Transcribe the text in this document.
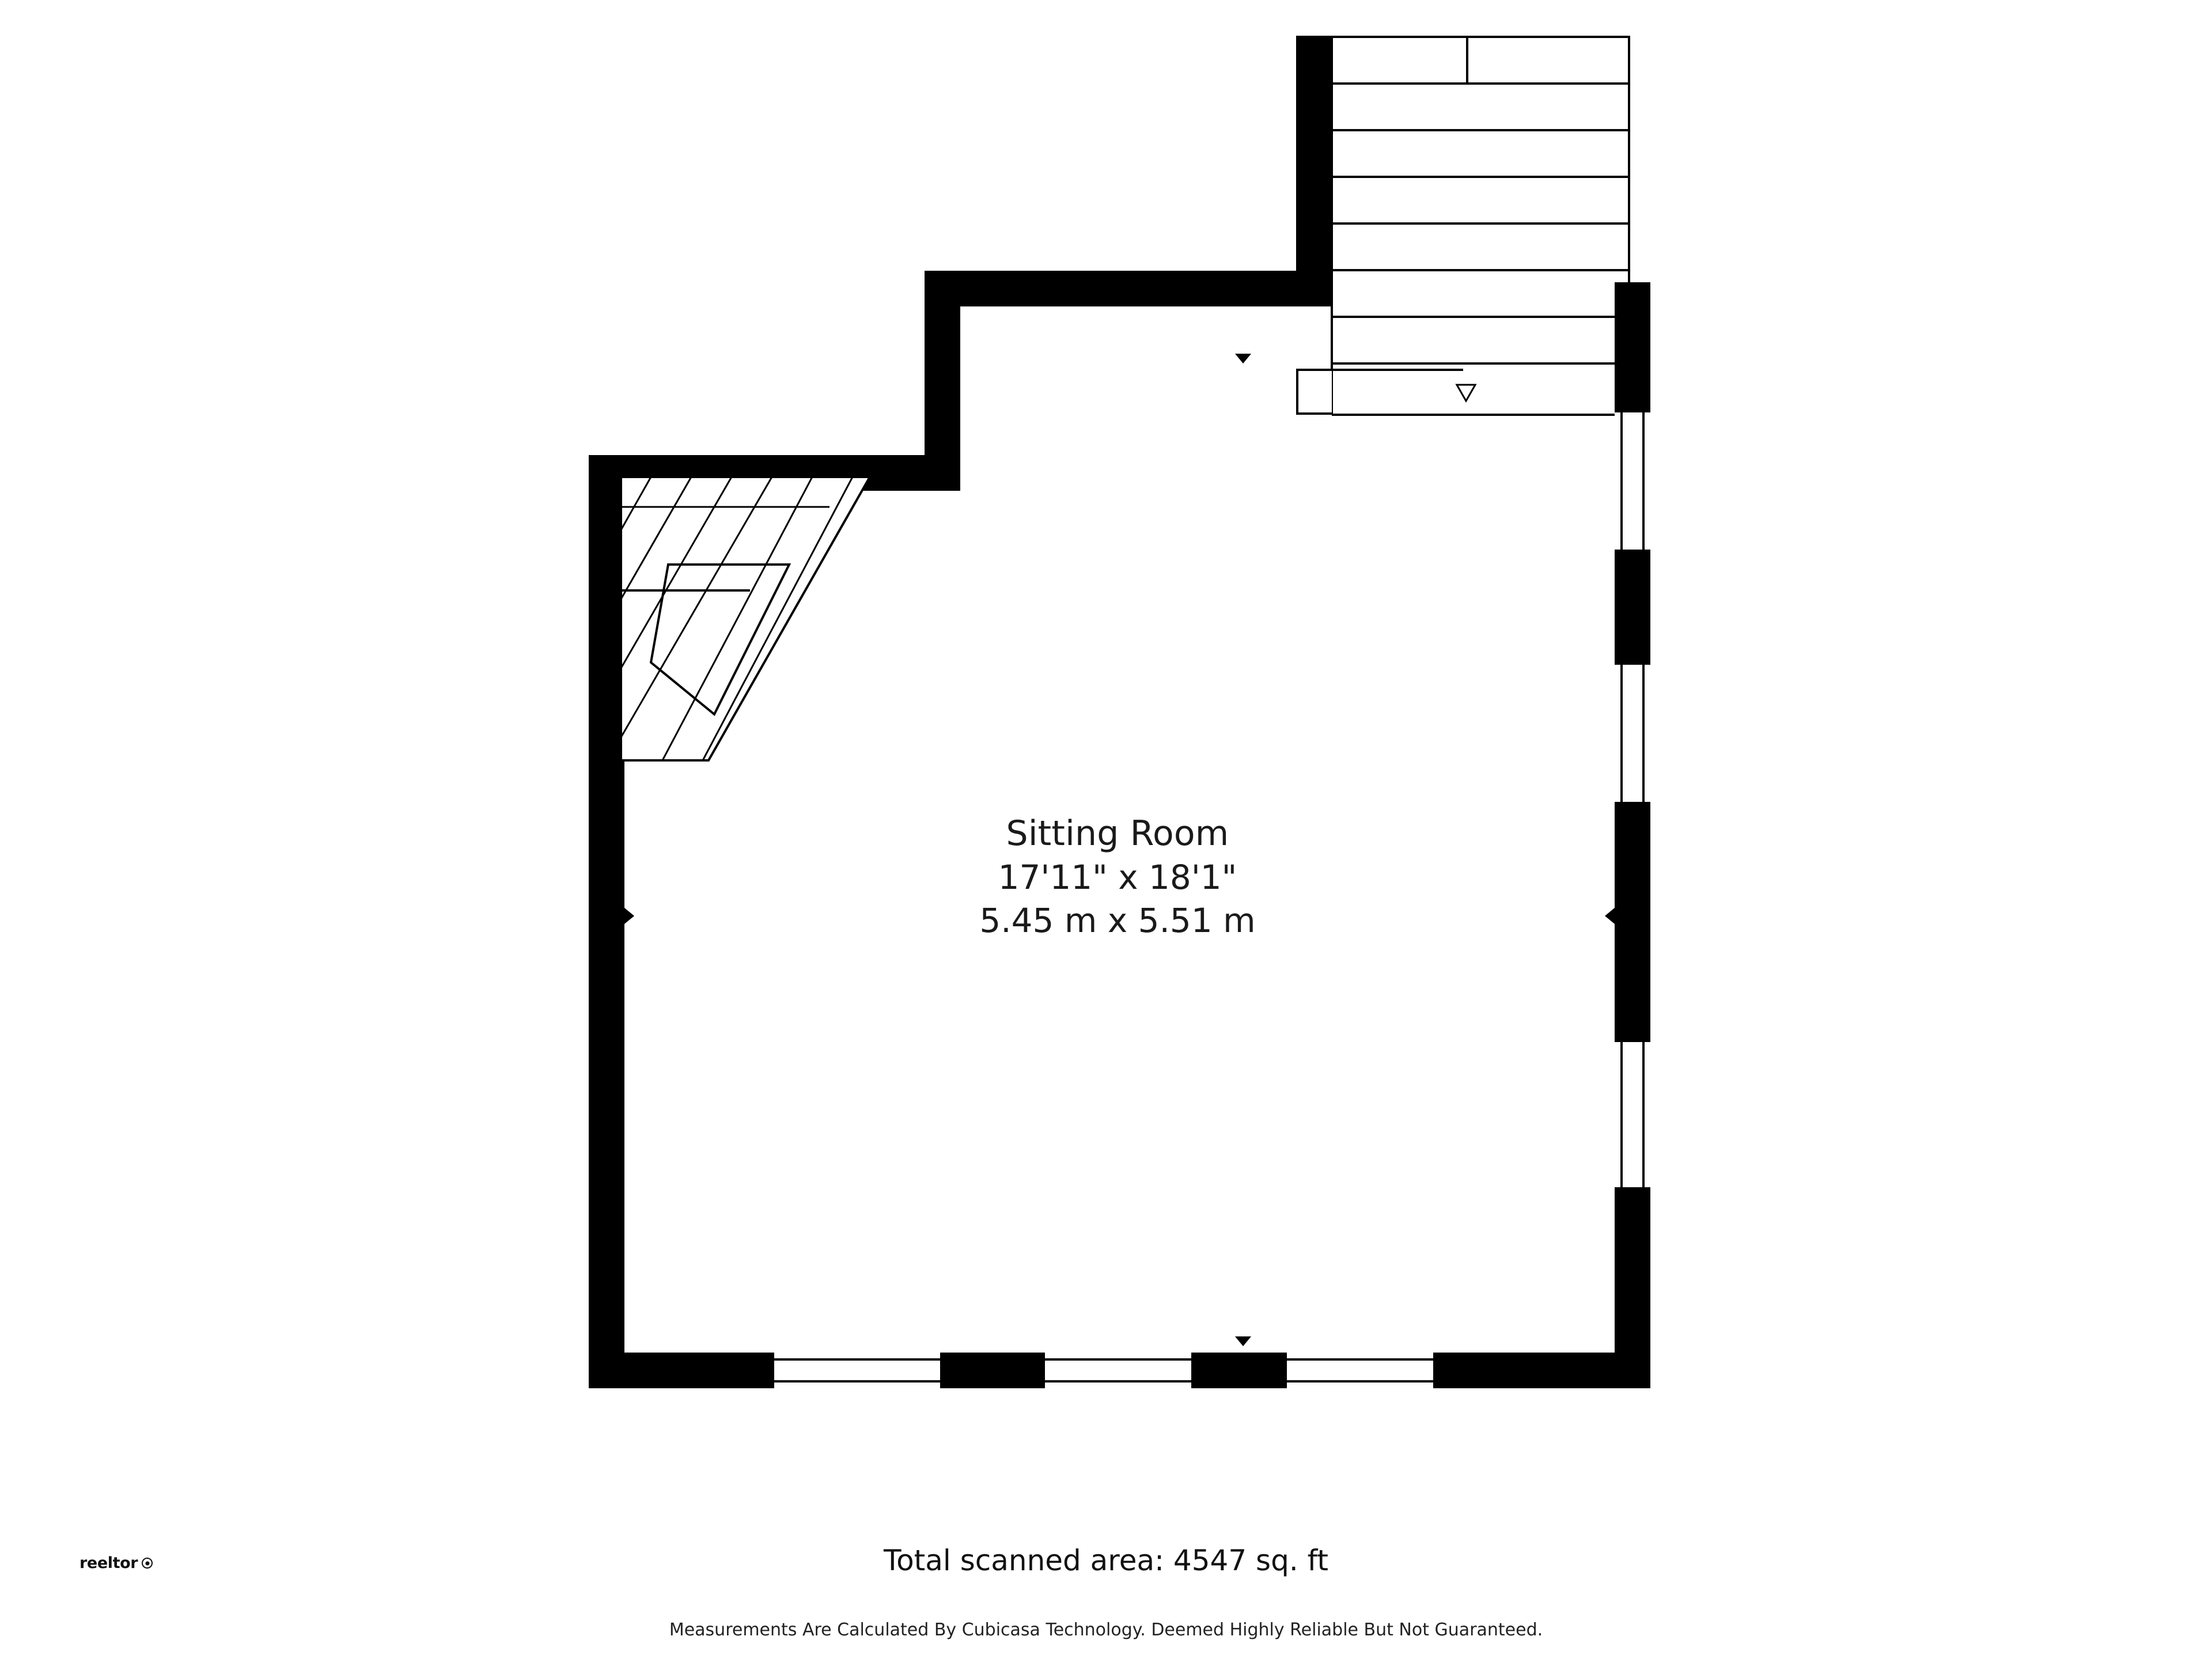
Sitting Room
17'11" x 18'1"
5.45 m x 5.51 m
reeltor	Total scanned area: 4547 sq. ft
Measurements Are Calculated By Cubicasa Technology. Deemed Highly Reliable But Not Guaranteed.
